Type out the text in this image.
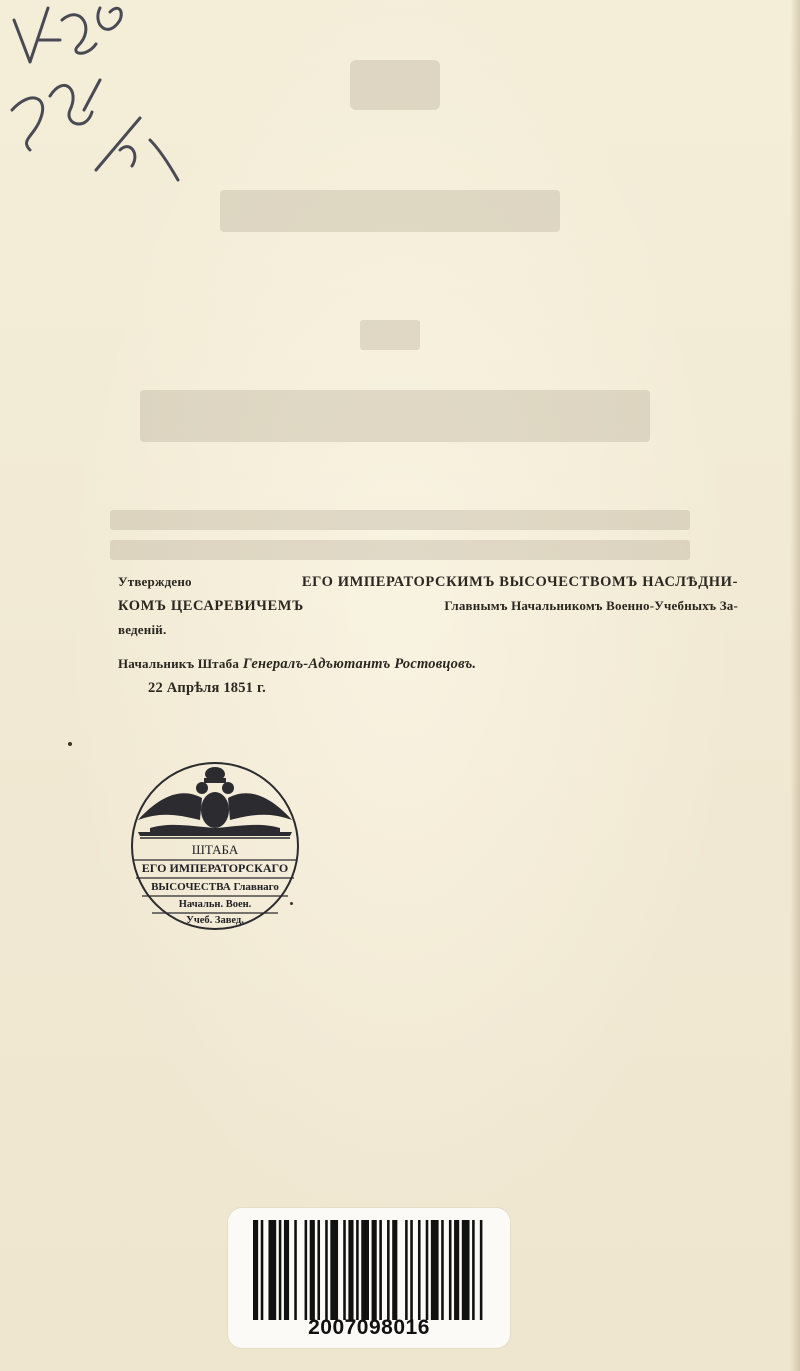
Утверждено	ЕГО ИМПЕРАТОРСКИМЪ ВЫСОЧЕСТВОМЪ НАСЛѢДНИ-
КОМЪ ЦЕСАРЕВИЧЕМЪ	Главнымъ Начальникомъ Военно-Учебныхъ За-
веденій.
Начальникъ Штаба Генералъ-Адъютантъ Ростовцовъ.
22 Апрѣля 1851 г.
ШТАБА
ЕГО ИМПЕРАТОРСКАГО
ВЫСОЧЕСТВА Главнаго
Начальн. Воен.
Учеб. Завед.
2007098016
